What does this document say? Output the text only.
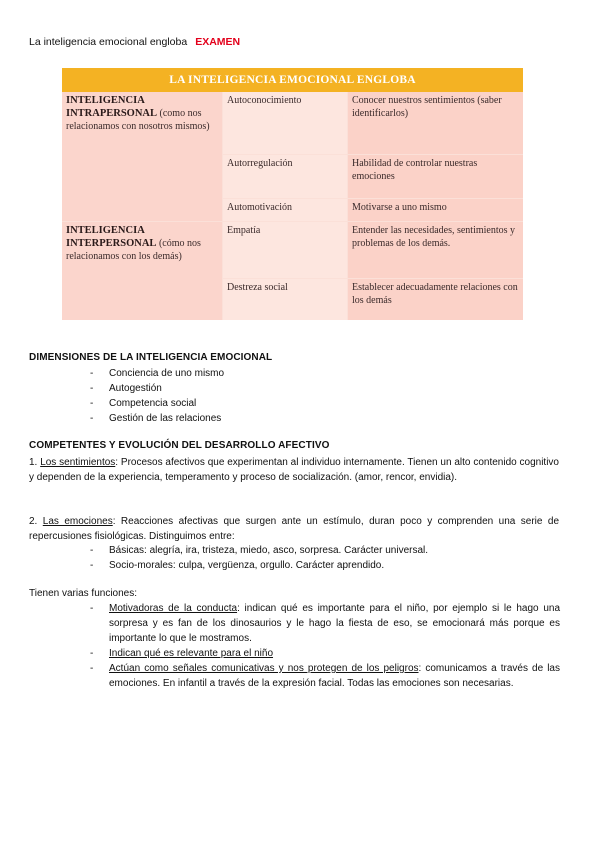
La inteligencia emocional engloba EXAMEN
LA INTELIGENCIA EMOCIONAL ENGLOBA
INTELIGENCIA INTRAPERSONAL (como nos relacionamos con nosotros mismos)
INTELIGENCIA INTERPERSONAL (cómo nos relacionamos con los demás)
Autoconocimiento
Autorregulación
Automotivación
Empatía
Destreza social
Conocer nuestros sentimientos (saber identificarlos)
Habilidad de controlar nuestras emociones
Motivarse a uno mismo
Entender las necesidades, sentimientos y problemas de los demás.
Establecer adecuadamente relaciones con los demás
DIMENSIONES DE LA INTELIGENCIA EMOCIONAL
- Conciencia de uno mismo
- Autogestión
- Competencia social
- Gestión de las relaciones
COMPETENTES Y EVOLUCIÓN DEL DESARROLLO AFECTIVO
1. Los sentimientos: Procesos afectivos que experimentan al individuo internamente. Tienen un alto contenido cognitivo y dependen de la experiencia, temperamento y proceso de socialización. (amor, rencor, envidia).
2. Las emociones: Reacciones afectivas que surgen ante un estímulo, duran poco y comprenden una serie de repercusiones fisiológicas. Distinguimos entre:
- Básicas: alegría, ira, tristeza, miedo, asco, sorpresa. Carácter universal.
- Socio-morales: culpa, vergüenza, orgullo. Carácter aprendido.
Tienen varias funciones:
- Motivadoras de la conducta: indican qué es importante para el niño, por ejemplo si le hago una sorpresa y es fan de los dinosaurios y le hago la fiesta de eso, se emocionará más porque es importante lo que le mostramos.
- Indican qué es relevante para el niño
- Actúan como señales comunicativas y nos protegen de los peligros: comunicamos a través de las emociones. En infantil a través de la expresión facial. Todas las emociones son necesarias.
